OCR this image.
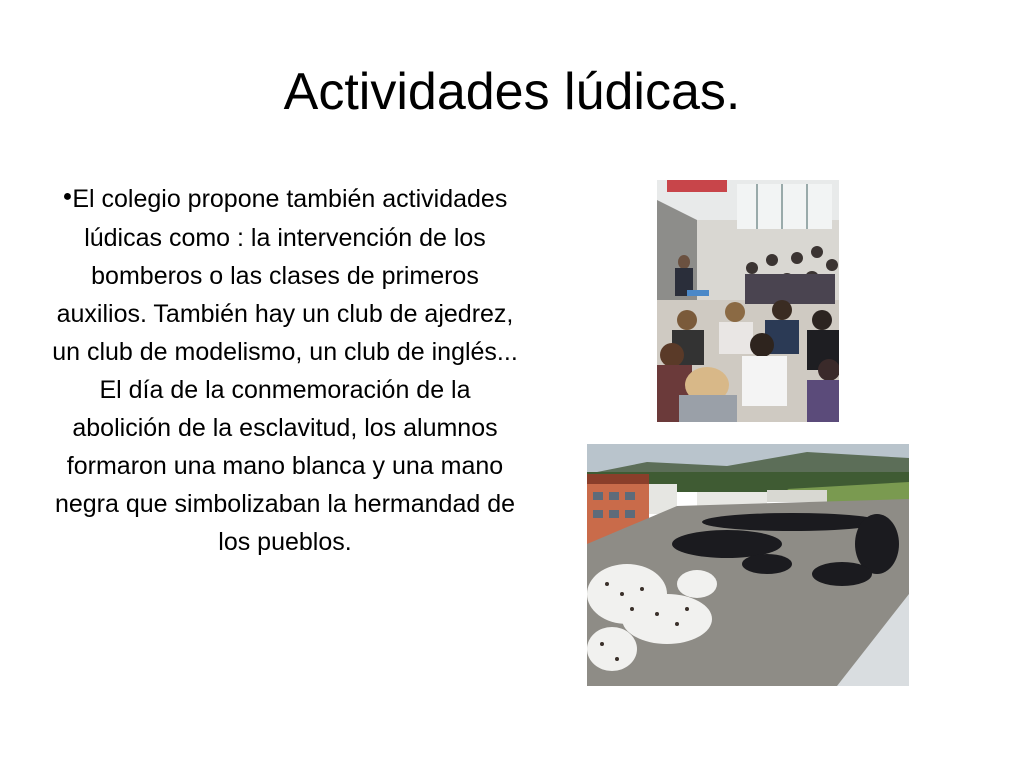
Actividades lúdicas.
●El colegio propone también actividades lúdicas como : la intervención de los bomberos o las clases de primeros auxilios. También hay un club de ajedrez, un club de modelismo, un club de inglés... El día de la conmemoración de la abolición de la esclavitud, los alumnos formaron una mano blanca y una mano negra que simbolizaban la hermandad de los pueblos.
